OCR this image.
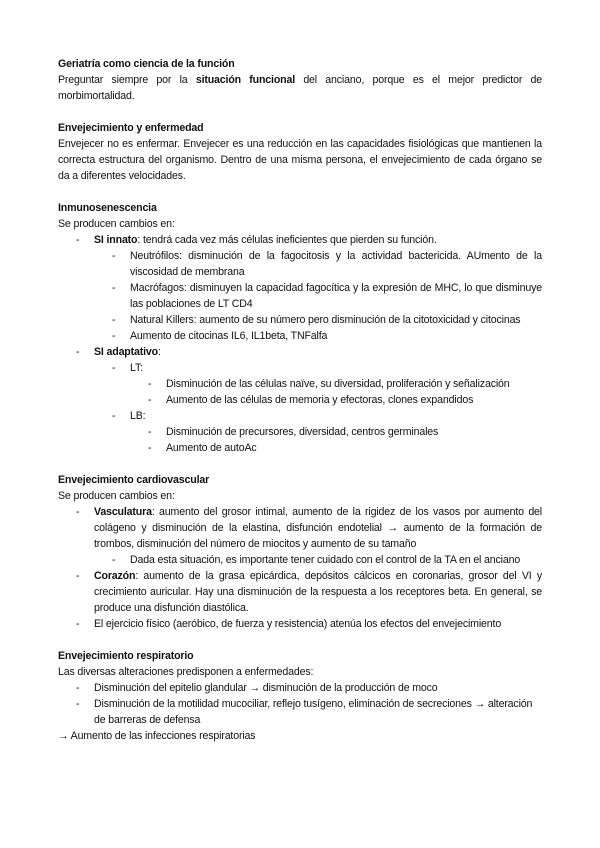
Geriatría como ciencia de la función
Preguntar siempre por la situación funcional del anciano, porque es el mejor predictor de morbimortalidad.
Envejecimiento y enfermedad
Envejecer no es enfermar. Envejecer es una reducción en las capacidades fisiológicas que mantienen la correcta estructura del organismo. Dentro de una misma persona, el envejecimiento de cada órgano se da a diferentes velocidades.
Inmunosenescencia
Se producen cambios en:
- SI innato: tendrá cada vez más células ineficientes que pierden su función.
- Neutrófilos: disminución de la fagocitosis y la actividad bactericida. AUmento de la viscosidad de membrana
- Macrófagos: disminuyen la capacidad fagocítica y la expresión de MHC, lo que disminuye las poblaciones de LT CD4
- Natural Killers: aumento de su número pero disminución de la citotoxicidad y citocinas
- Aumento de citocinas IL6, IL1beta, TNFalfa
- SI adaptativo:
- LT:
- Disminución de las células naïve, su diversidad, proliferación y señalización
- Aumento de las células de memoria y efectoras, clones expandidos
- LB:
- Disminución de precursores, diversidad, centros germinales
- Aumento de autoAc
Envejecimiento cardiovascular
Se producen cambios en:
- Vasculatura: aumento del grosor intimal, aumento de la rigidez de los vasos por aumento del colágeno y disminución de la elastina, disfunción endotelial → aumento de la formación de trombos, disminución del número de miocitos y aumento de su tamaño
- Dada esta situación, es importante tener cuidado con el control de la TA en el anciano
- Corazón: aumento de la grasa epicárdica, depósitos cálcicos en coronarias, grosor del VI y crecimiento auricular. Hay una disminución de la respuesta a los receptores beta. En general, se produce una disfunción diastólica.
- El ejercicio físico (aeróbico, de fuerza y resistencia) atenúa los efectos del envejecimiento
Envejecimiento respiratorio
Las diversas alteraciones predisponen a enfermedades:
- Disminución del epitelio glandular → disminución de la producción de moco
- Disminución de la motilidad mucociliar, reflejo tusígeno, eliminación de secreciones → alteración de barreras de defensa
→ Aumento de las infecciones respiratorias
